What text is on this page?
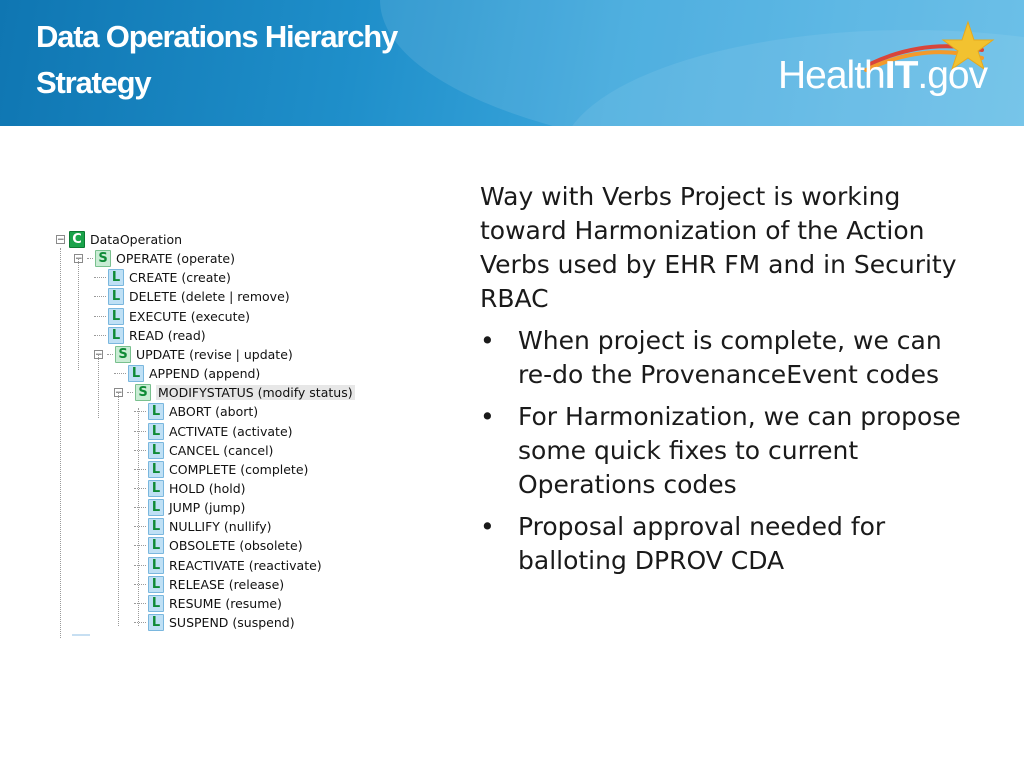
Data Operations Hierarchy
Strategy	HealthIT.gov
− C DataOperation
− S OPERATE (operate)
L CREATE (create)
L DELETE (delete | remove)
L EXECUTE (execute)
L READ (read)
− S UPDATE (revise | update)
L APPEND (append)
− S MODIFYSTATUS (modify status)
L ABORT (abort)
L ACTIVATE (activate)
L CANCEL (cancel)
L COMPLETE (complete)
L HOLD (hold)
L JUMP (jump)
L NULLIFY (nullify)
L OBSOLETE (obsolete)
L REACTIVATE (reactivate)
L RELEASE (release)
L RESUME (resume)
L SUSPEND (suspend)

Way with Verbs Project is working toward Harmonization of the Action Verbs used by EHR FM and in Security RBAC

• When project is complete, we can re-do the ProvenanceEvent codes
• For Harmonization, we can propose some quick fixes to current Operations codes
• Proposal approval needed for balloting DPROV CDA
